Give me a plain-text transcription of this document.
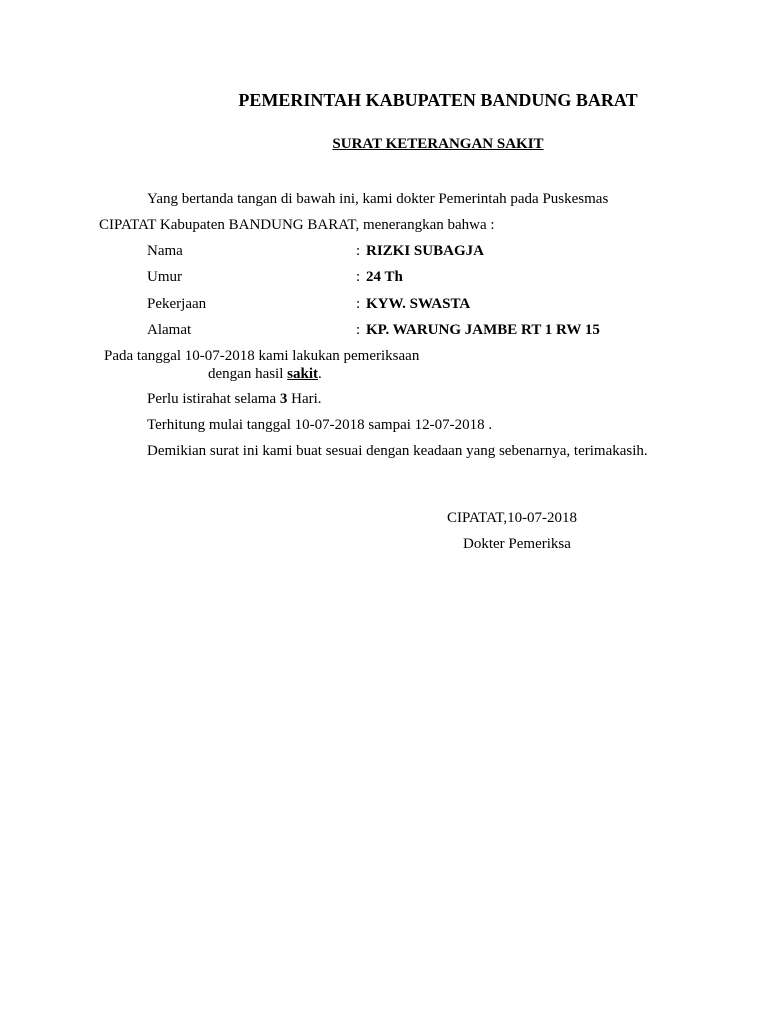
PEMERINTAH KABUPATEN BANDUNG BARAT
SURAT KETERANGAN SAKIT
Yang bertanda tangan di bawah ini, kami dokter Pemerintah pada Puskesmas
CIPATAT Kabupaten BANDUNG BARAT, menerangkan bahwa :
Nama	: RIZKI SUBAGJA
Umur	: 24 Th
Pekerjaan	: KYW. SWASTA
Alamat	: KP. WARUNG JAMBE RT 1 RW 15
Pada tanggal 10-07-2018 kami lakukan pemeriksaan
dengan hasil sakit.
Perlu istirahat selama 3 Hari.
Terhitung mulai tanggal 10-07-2018 sampai 12-07-2018 .
Demikian surat ini kami buat sesuai dengan keadaan yang sebenarnya, terimakasih.
CIPATAT,10-07-2018
Dokter Pemeriksa
